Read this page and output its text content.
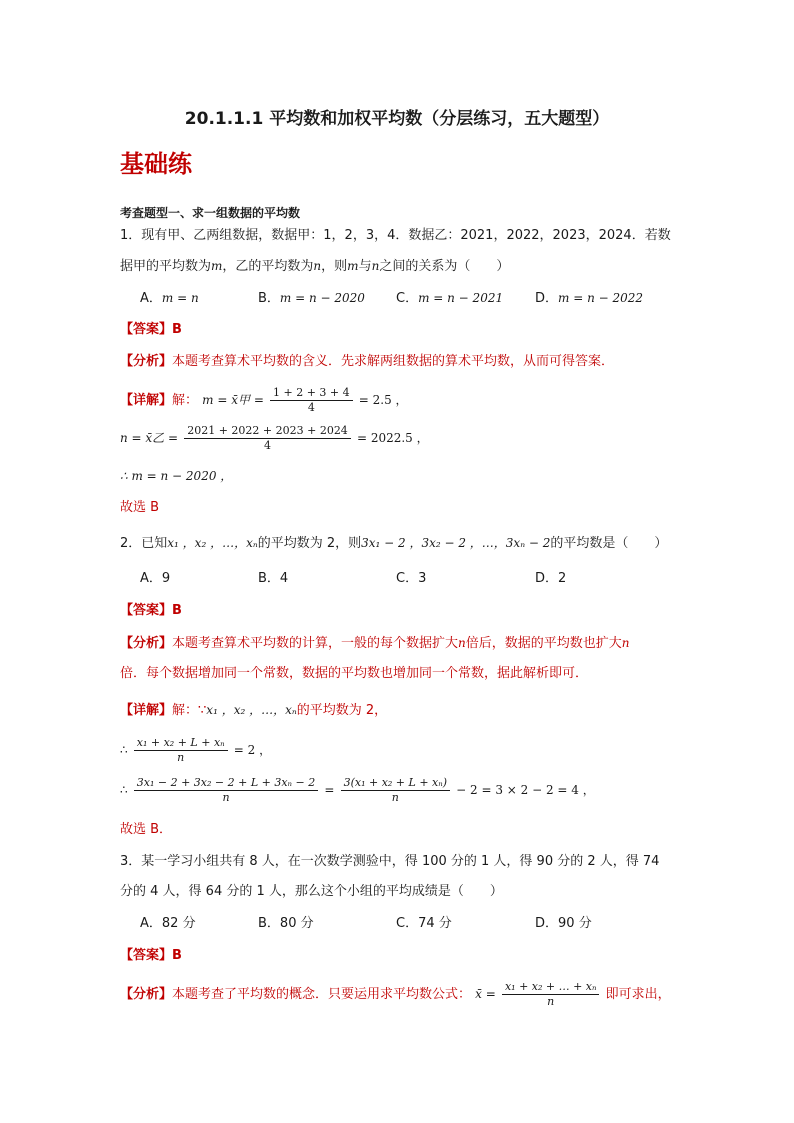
20.1.1.1 平均数和加权平均数（分层练习，五大题型）
基础练
考查题型一、求一组数据的平均数
1．现有甲、乙两组数据，数据甲：1，2，3，4．数据乙：2021，2022，2023，2024．若数
据甲的平均数为m，乙的平均数为n，则m与n之间的关系为（　　）
A．m = n	B．m = n − 2020 C．m = n − 2021 D．m = n − 2022
【答案】B
【分析】本题考查算术平均数的含义．先求解两组数据的算术平均数，从而可得答案．
【详解】解： m = x̄甲 = $\frac{1 + 2 + 3 + 4}{4} = 2.5$ ，
n = x̄乙 = $\frac{2021 + 2022 + 2023 + 2024}{4} = 2022.5$ ，
∴ m = n − 2020 ，
故选 B
2．已知x₁ ，x₂ ，…，xₙ的平均数为 2，则3x₁ − 2 ，3x₂ − 2 ，…，3xₙ − 2的平均数是（　　）
A．9	B．4	C．3	D．2
【答案】B
【分析】本题考查算术平均数的计算，一般的每个数据扩大n倍后，数据的平均数也扩大n
倍．每个数据增加同一个常数，数据的平均数也增加同一个常数，据此解析即可．
【详解】解：∵x₁ ，x₂ ，…，xₙ的平均数为 2，
∴ $\frac{\text{x₁ + x₂ + L + xₙ}}{n} = 2$ ，
∴ $\frac{\text{3x₁ − 2 + 3x₂ − 2 + L + 3xₙ − 2}}{n} = \frac{\text{3(x₁ + x₂ + L + xₙ)}}{n} - 2 = 3 \times 2 - 2 = 4$ ，
故选 B．
3．某一学习小组共有 8 人，在一次数学测验中，得 100 分的 1 人，得 90 分的 2 人，得 74
分的 4 人，得 64 分的 1 人，那么这个小组的平均成绩是（　　）
A．82 分	B．80 分	C．74 分	D．90 分
【答案】B
【分析】本题考查了平均数的概念．只要运用求平均数公式： x̄ = $\frac{\text{x₁ + x₂ + … + xₙ}}{n}$ 即可求出，
